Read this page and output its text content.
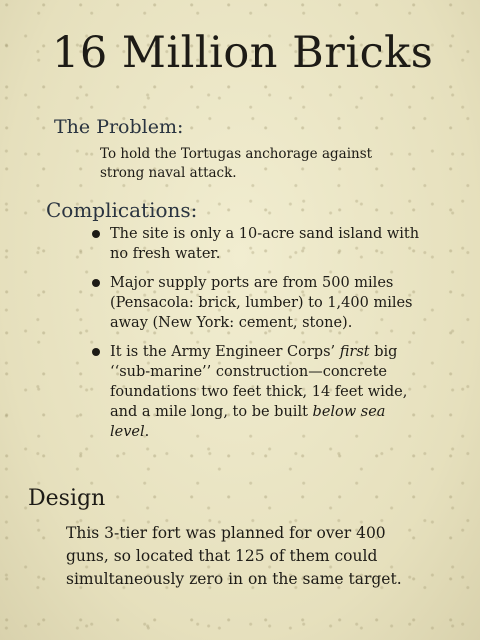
16 Million Bricks
The Problem:

To hold the Tortugas anchorage against strong naval attack.

Complications:
The site is only a 10-acre sand island with no fresh water.
Major supply ports are from 500 miles (Pensacola: brick, lumber) to 1,400 miles away (New York: cement, stone).
It is the Army Engineer Corps’ first big ‘‘sub-marine’’ construction—concrete foundations two feet thick, 14 feet wide, and a mile long, to be built below sea level.
Design

This 3-tier fort was planned for over 400 guns, so located that 125 of them could simultaneously zero in on the same target.
